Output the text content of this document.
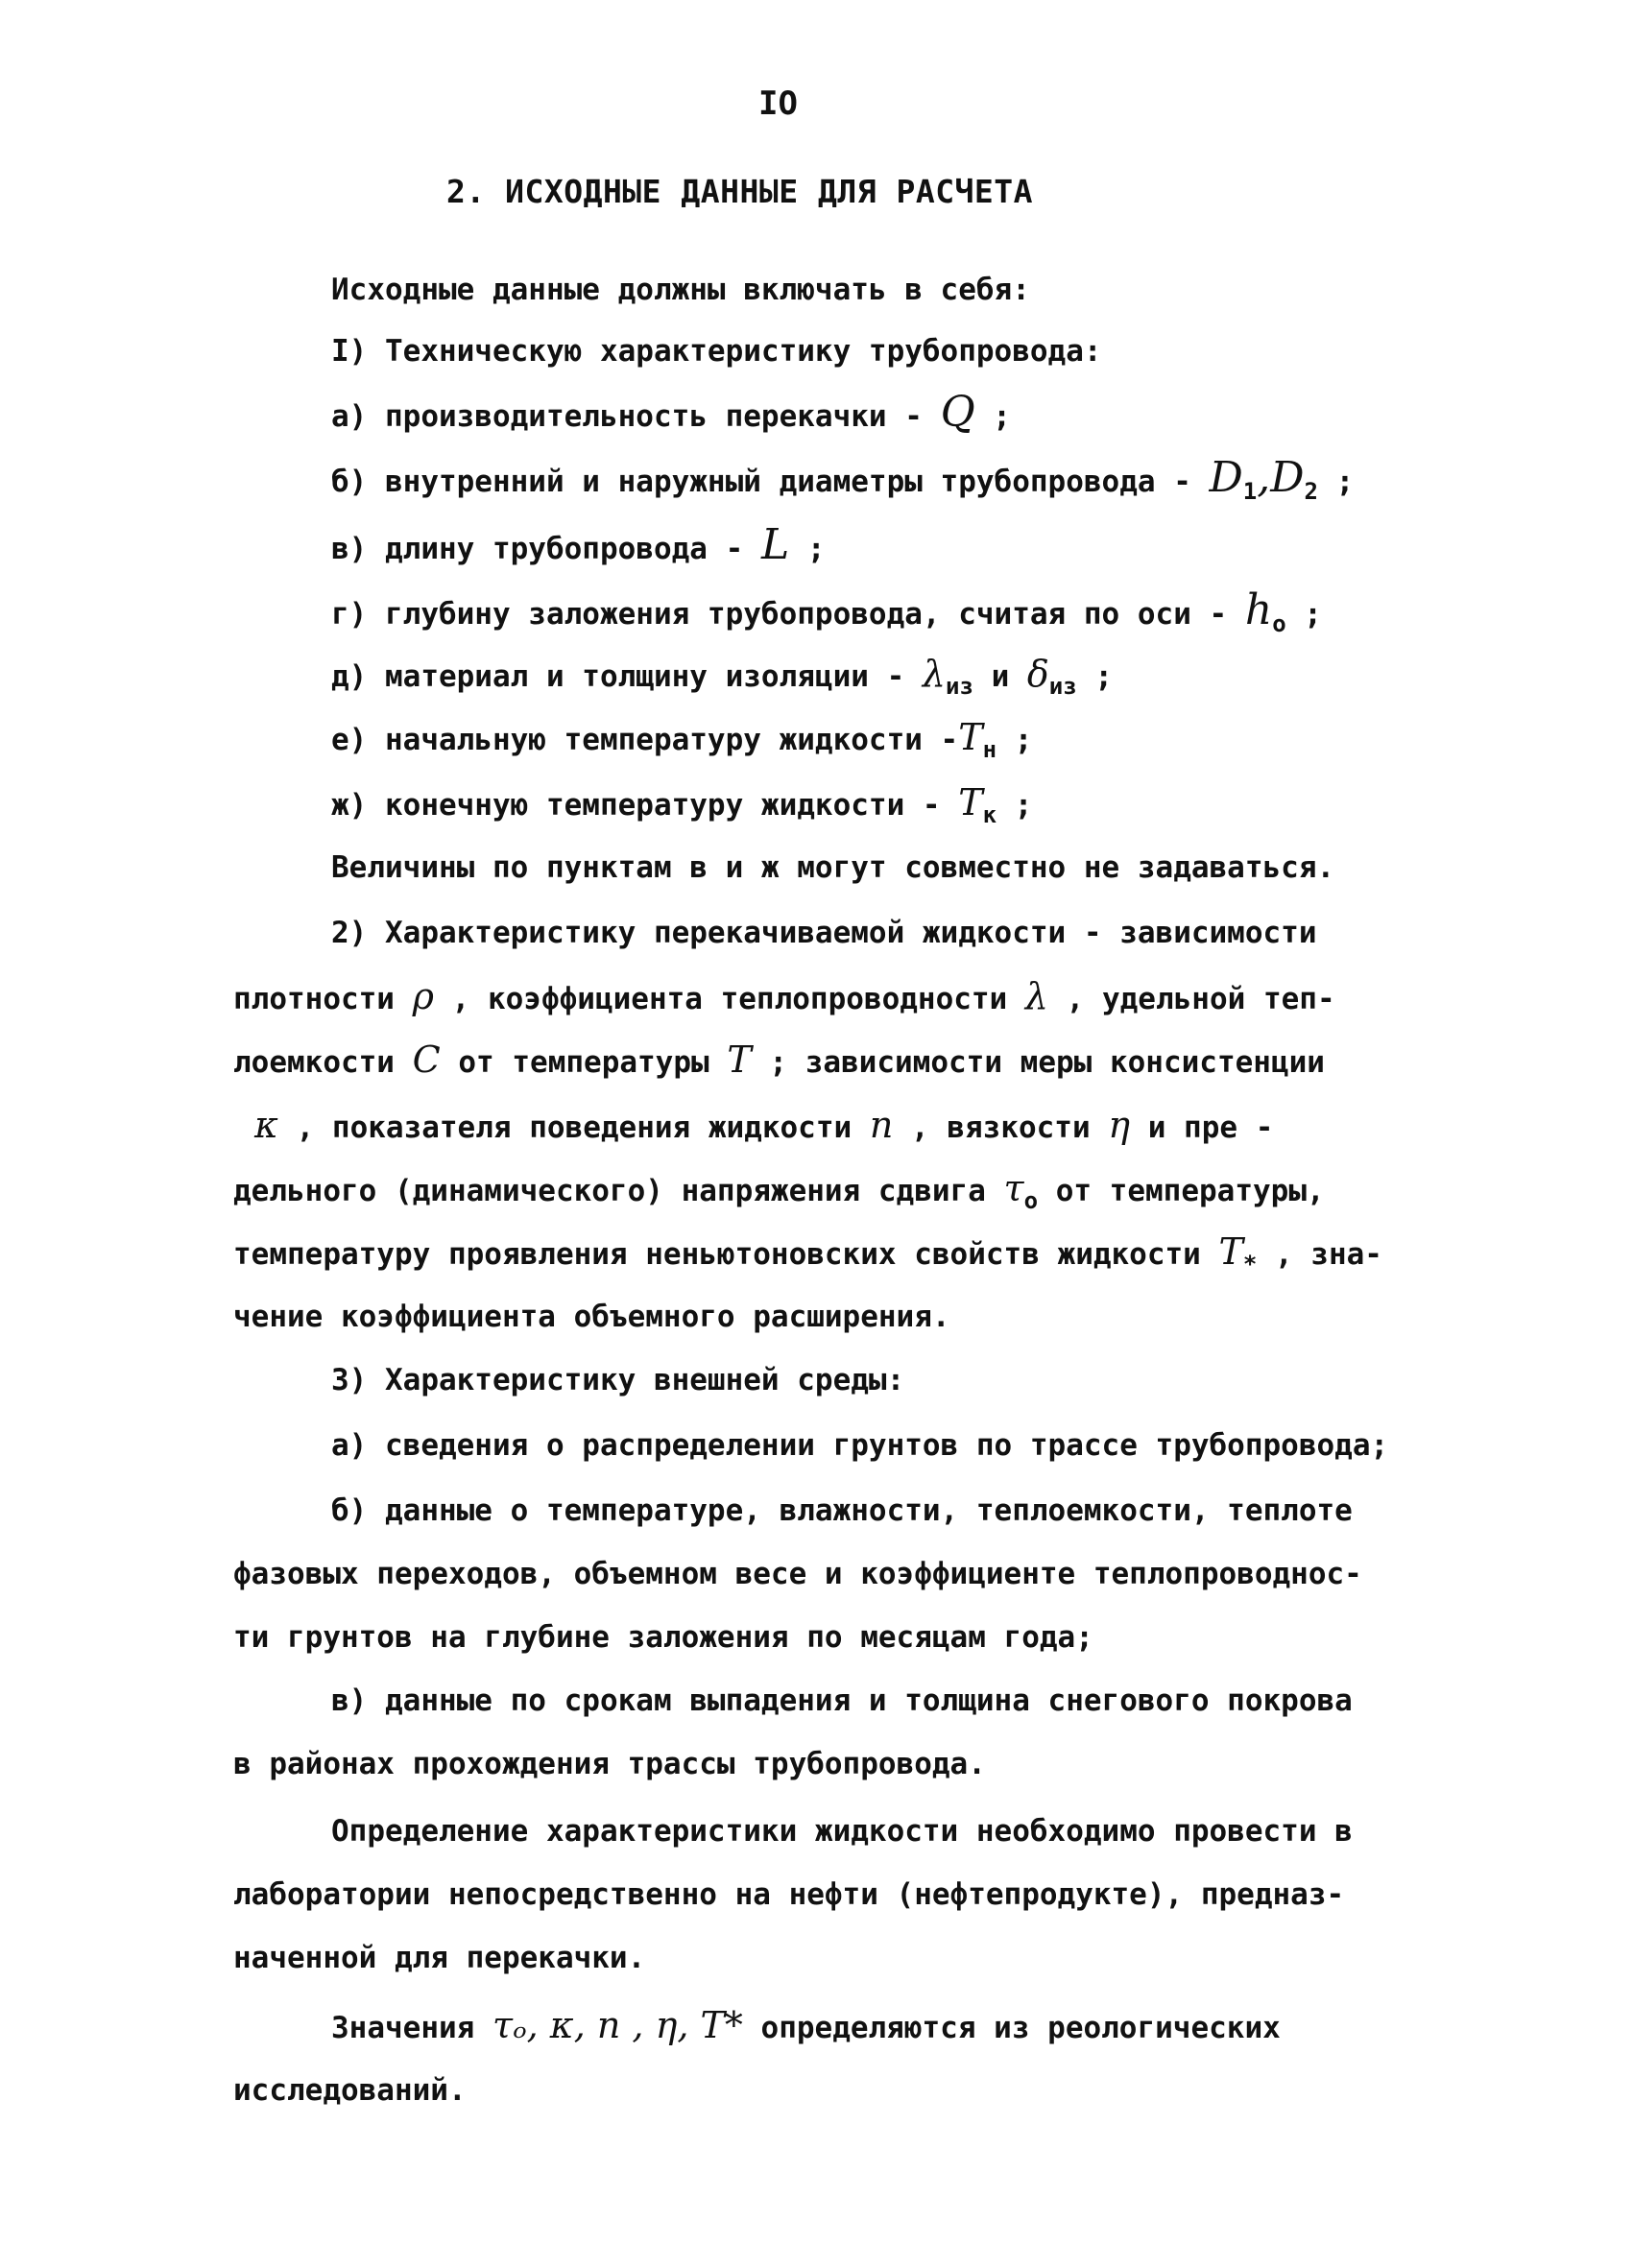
IO
2. ИСХОДНЫЕ ДАННЫЕ ДЛЯ РАСЧЕТА
Исходные данные должны включать в себя:
I) Техническую характеристику трубопровода:
а) производительность перекачки - Q ;
б) внутренний и наружный диаметры трубопровода - $D_1,D_2$ ;
в) длину трубопровода - L ;
г) глубину заложения трубопровода, считая по оси - $h_o$ ;
д) материал и толщину изоляции - $\lambda_{из}$ и $\delta_{из}$ ;
е) начальную температуру жидкости $-T_н$ ;
ж) конечную температуру жидкости - $T_к$ ;
Величины по пунктам в и ж могут совместно не задаваться.
2) Характеристику перекачиваемой жидкости - зависимости
плотности ρ , коэффициента теплопроводности λ , удельной теп-
лоемкости C от температуры T ; зависимости меры консистенции
κ , показателя поведения жидкости n , вязкости η и пре -
дельного (динамического) напряжения сдвига $\tau_o$ от температуры,
температуру проявления неньютоновских свойств жидкости $T_*$ , зна-
чение коэффициента объемного расширения.
3) Характеристику внешней среды:
а) сведения о распределении грунтов по трассе трубопровода;
б) данные о температуре, влажности, теплоемкости, теплоте
фазовых переходов, объемном весе и коэффициенте теплопроводнос-
ти грунтов на глубине заложения по месяцам года;
в) данные по срокам выпадения и толщина снегового покрова
в районах прохождения трассы трубопровода.
Определение характеристики жидкости необходимо провести в
лаборатории непосредственно на нефти (нефтепродукте), предназ-
наченной для перекачки.
Значения τₒ, κ, n , η, T* определяются из реологических
исследований.
